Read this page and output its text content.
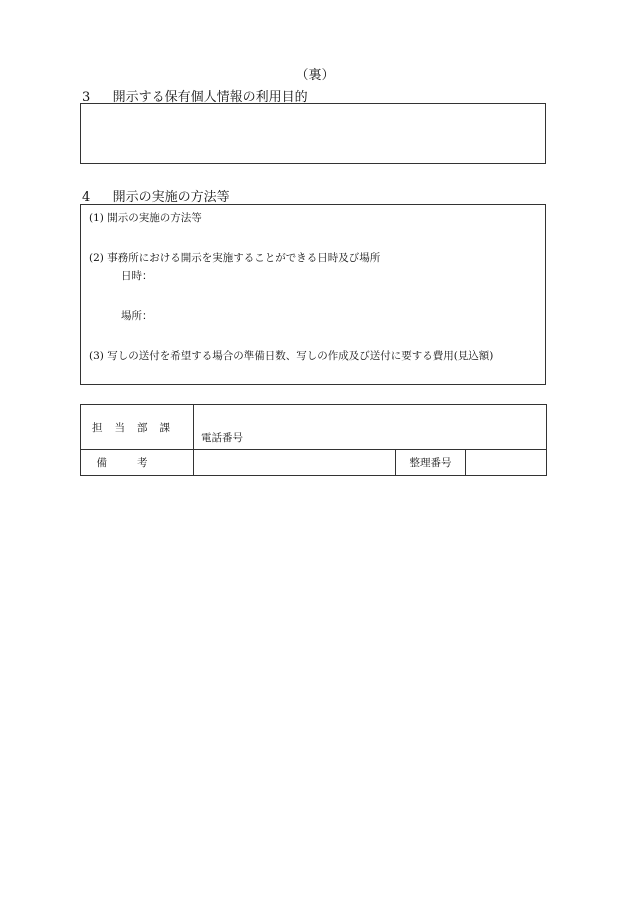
（裏）
3 開示する保有個人情報の利用目的
4 開示の実施の方法等
(1) 開示の実施の方法等
(2) 事務所における開示を実施することができる日時及び場所
日時：
場所：
(3) 写しの送付を希望する場合の準備日数、写しの作成及び送付に要する費用(見込額)
担当部課	電話番号		
備考		整理番号	
